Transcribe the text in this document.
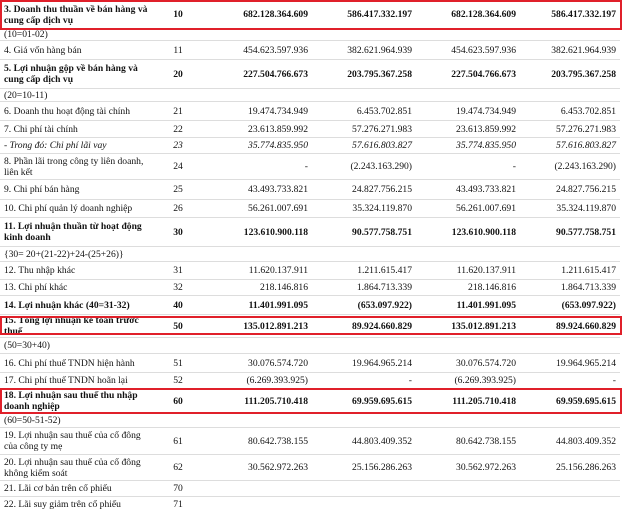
3. Doanh thu thuần về bán hàng và cung cấp dịch vụ	10	682.128.364.609	586.417.332.197	682.128.364.609	586.417.332.197
(10=01-02)					
4. Giá vốn hàng bán	11	454.623.597.936	382.621.964.939	454.623.597.936	382.621.964.939
5. Lợi nhuận gộp về bán hàng và cung cấp dịch vụ	20	227.504.766.673	203.795.367.258	227.504.766.673	203.795.367.258
(20=10-11)					
6. Doanh thu hoạt động tài chính	21	19.474.734.949	6.453.702.851	19.474.734.949	6.453.702.851
7. Chi phí tài chính	22	23.613.859.992	57.276.271.983	23.613.859.992	57.276.271.983
- Trong đó: Chi phí lãi vay	23	35.774.835.950	57.616.803.827	35.774.835.950	57.616.803.827
8. Phần lãi trong công ty liên doanh, liên kết	24	-	(2.243.163.290)	-	(2.243.163.290)
9. Chi phí bán hàng	25	43.493.733.821	24.827.756.215	43.493.733.821	24.827.756.215
10. Chi phí quản lý doanh nghiệp	26	56.261.007.691	35.324.119.870	56.261.007.691	35.324.119.870
11. Lợi nhuận thuần từ hoạt động kinh doanh	30	123.610.900.118	90.577.758.751	123.610.900.118	90.577.758.751
{30= 20+(21-22)+24-(25+26)}					
12. Thu nhập khác	31	11.620.137.911	1.211.615.417	11.620.137.911	1.211.615.417
13. Chi phí khác	32	218.146.816	1.864.713.339	218.146.816	1.864.713.339
14. Lợi nhuận khác (40=31-32)	40	11.401.991.095	(653.097.922)	11.401.991.095	(653.097.922)
15. Tổng lợi nhuận kế toán trước thuế	50	135.012.891.213	89.924.660.829	135.012.891.213	89.924.660.829
(50=30+40)					
16. Chi phí thuế TNDN hiện hành	51	30.076.574.720	19.964.965.214	30.076.574.720	19.964.965.214
17. Chi phí thuế TNDN hoãn lại	52	(6.269.393.925)	-	(6.269.393.925)	-
18. Lợi nhuận sau thuế thu nhập doanh nghiệp	60	111.205.710.418	69.959.695.615	111.205.710.418	69.959.695.615
(60=50-51-52)					
19. Lợi nhuận sau thuế của cổ đông của công ty mẹ	61	80.642.738.155	44.803.409.352	80.642.738.155	44.803.409.352
20. Lợi nhuận sau thuế của cổ đông không kiểm soát	62	30.562.972.263	25.156.286.263	30.562.972.263	25.156.286.263
21. Lãi cơ bản trên cổ phiếu	70				
22. Lãi suy giảm trên cổ phiếu	71				
